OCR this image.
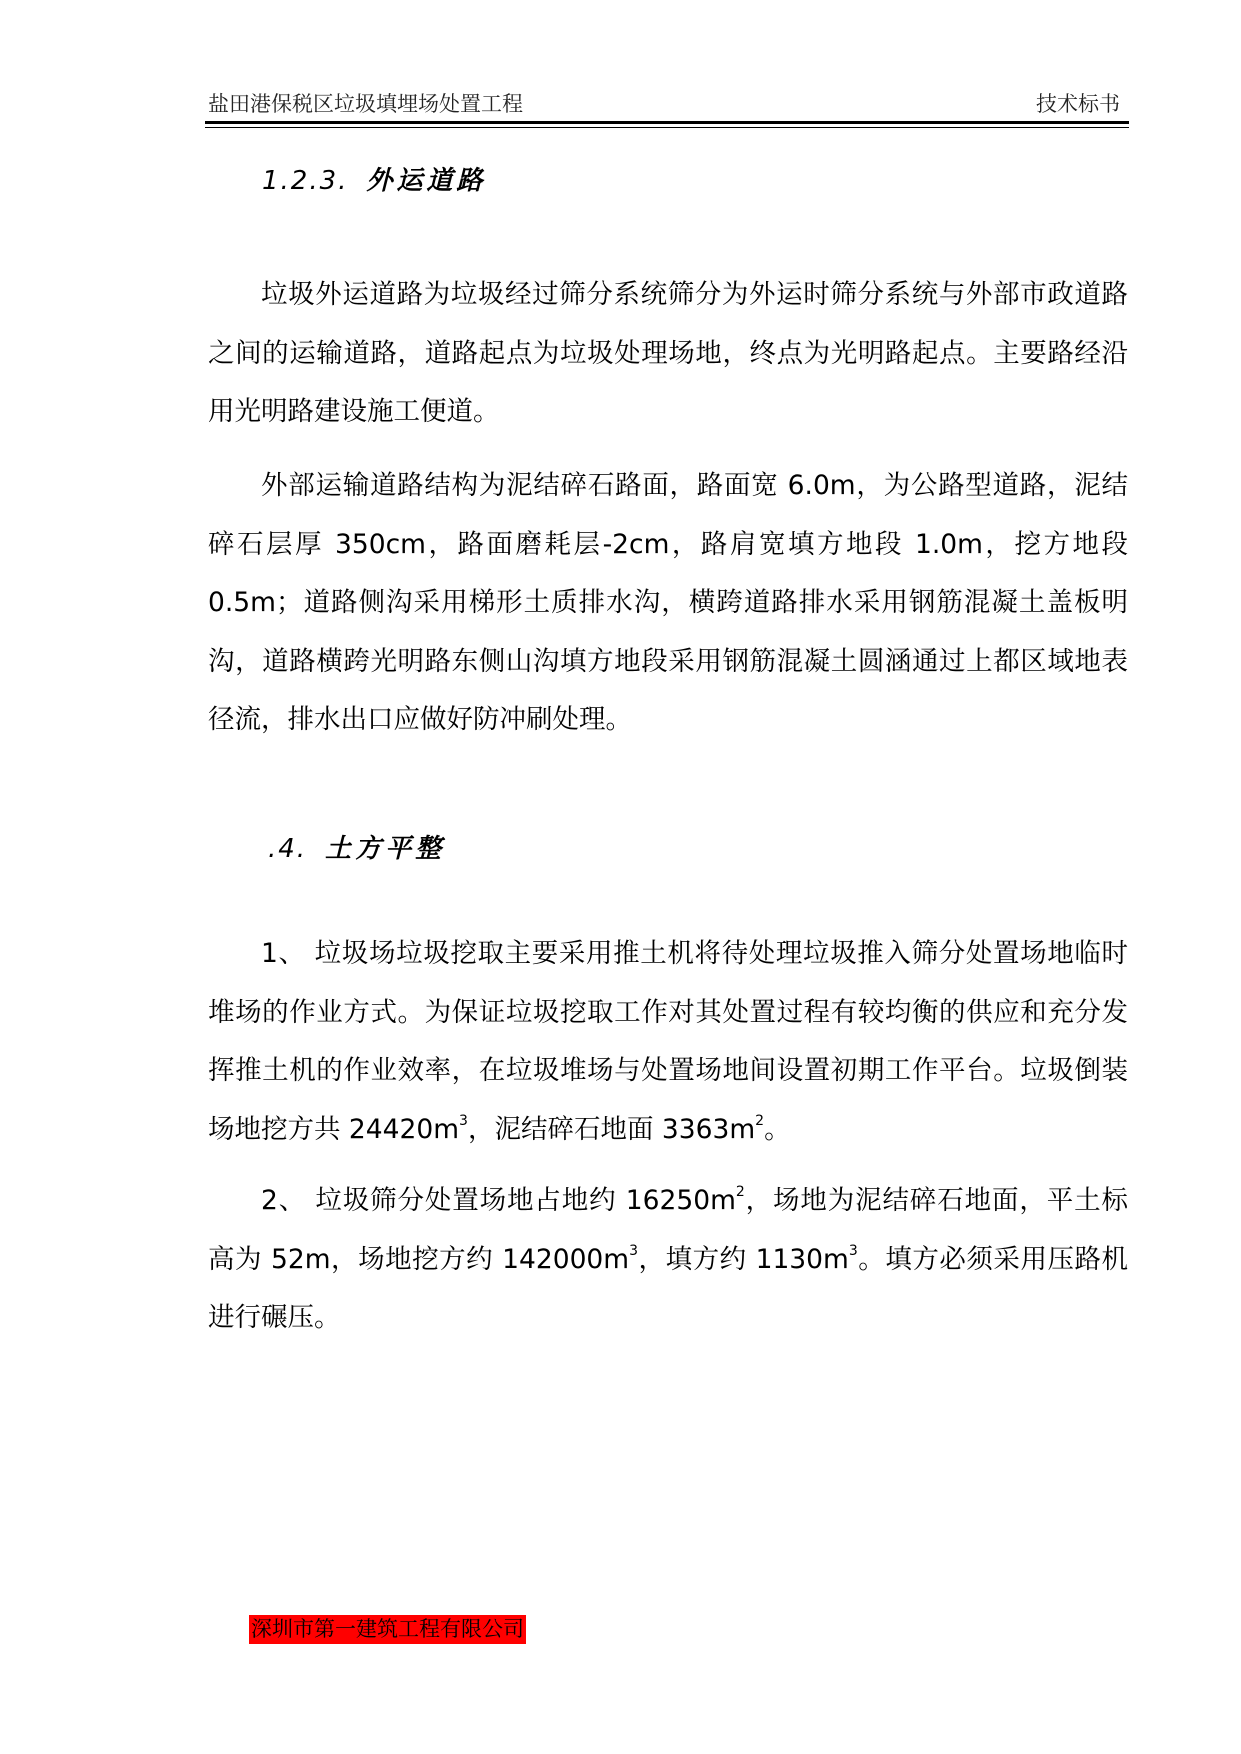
盐田港保税区垃圾填埋场处置工程	技术标书
1.2.3. 外运道路

垃圾外运道路为垃圾经过筛分系统筛分为外运时筛分系统与外部市政道路之间的运输道路，道路起点为垃圾处理场地，终点为光明路起点。主要路经沿用光明路建设施工便道。

外部运输道路结构为泥结碎石路面，路面宽 6.0m，为公路型道路，泥结碎石层厚 350cm，路面磨耗层-2cm，路肩宽填方地段 1.0m，挖方地段 0.5m；道路侧沟采用梯形土质排水沟，横跨道路排水采用钢筋混凝土盖板明沟，道路横跨光明路东侧山沟填方地段采用钢筋混凝土圆涵通过上都区域地表径流，排水出口应做好防冲刷处理。

.4. 土方平整

1、 垃圾场垃圾挖取主要采用推土机将待处理垃圾推入筛分处置场地临时堆场的作业方式。为保证垃圾挖取工作对其处置过程有较均衡的供应和充分发挥推土机的作业效率，在垃圾堆场与处置场地间设置初期工作平台。垃圾倒装场地挖方共 $24420m^3$，泥结碎石地面 $3363m^2$。

2、 垃圾筛分处置场地占地约 $16250m^2$，场地为泥结碎石地面，平土标高为 52m，场地挖方约 $142000m^3$，填方约 $1130m^3$。填方必须采用压路机进行碾压。

深圳市第一建筑工程有限公司
